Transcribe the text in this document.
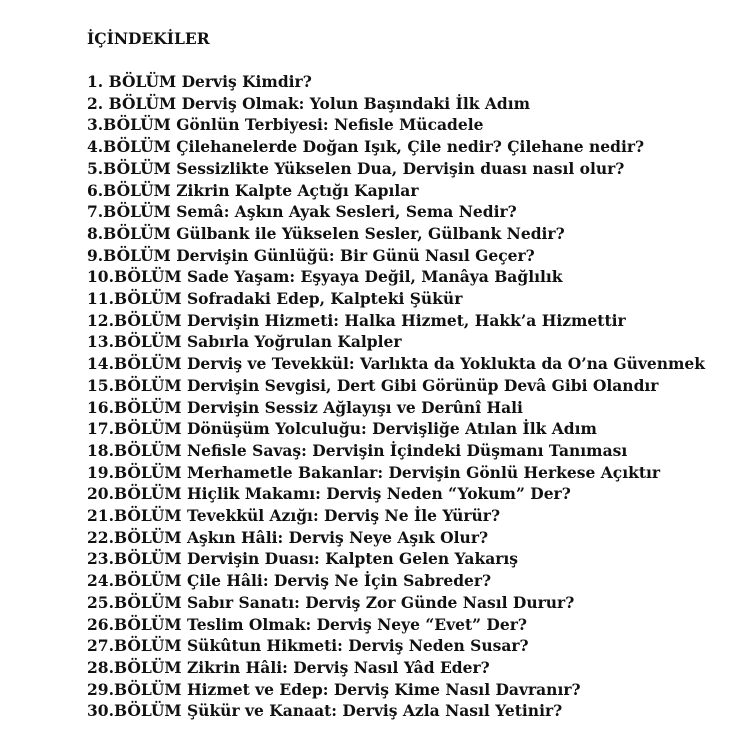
İÇİNDEKİLER
1. BÖLÜM Derviş Kimdir?
2. BÖLÜM Derviş Olmak: Yolun Başındaki İlk Adım
3.BÖLÜM Gönlün Terbiyesi: Nefisle Mücadele
4.BÖLÜM Çilehanelerde Doğan Işık, Çile nedir? Çilehane nedir?
5.BÖLÜM Sessizlikte Yükselen Dua, Dervişin duası nasıl olur?
6.BÖLÜM Zikrin Kalpte Açtığı Kapılar
7.BÖLÜM Semâ: Aşkın Ayak Sesleri, Sema Nedir?
8.BÖLÜM Gülbank ile Yükselen Sesler, Gülbank Nedir?
9.BÖLÜM Dervişin Günlüğü: Bir Günü Nasıl Geçer?
10.BÖLÜM Sade Yaşam: Eşyaya Değil, Manâya Bağlılık
11.BÖLÜM Sofradaki Edep, Kalpteki Şükür
12.BÖLÜM Dervişin Hizmeti: Halka Hizmet, Hakk’a Hizmettir
13.BÖLÜM Sabırla Yoğrulan Kalpler
14.BÖLÜM Derviş ve Tevekkül: Varlıkta da Yoklukta da O’na Güvenmek
15.BÖLÜM Dervişin Sevgisi, Dert Gibi Görünüp Devâ Gibi Olandır
16.BÖLÜM Dervişin Sessiz Ağlayışı ve Derûnî Hali
17.BÖLÜM Dönüşüm Yolculuğu: Dervişliğe Atılan İlk Adım
18.BÖLÜM Nefisle Savaş: Dervişin İçindeki Düşmanı Tanıması
19.BÖLÜM Merhametle Bakanlar: Dervişin Gönlü Herkese Açıktır
20.BÖLÜM Hiçlik Makamı: Derviş Neden “Yokum” Der?
21.BÖLÜM Tevekkül Azığı: Derviş Ne İle Yürür?
22.BÖLÜM Aşkın Hâli: Derviş Neye Aşık Olur?
23.BÖLÜM Dervişin Duası: Kalpten Gelen Yakarış
24.BÖLÜM Çile Hâli: Derviş Ne İçin Sabreder?
25.BÖLÜM Sabır Sanatı: Derviş Zor Günde Nasıl Durur?
26.BÖLÜM Teslim Olmak: Derviş Neye “Evet” Der?
27.BÖLÜM Sükûtun Hikmeti: Derviş Neden Susar?
28.BÖLÜM Zikrin Hâli: Derviş Nasıl Yâd Eder?
29.BÖLÜM Hizmet ve Edep: Derviş Kime Nasıl Davranır?
30.BÖLÜM Şükür ve Kanaat: Derviş Azla Nasıl Yetinir?
